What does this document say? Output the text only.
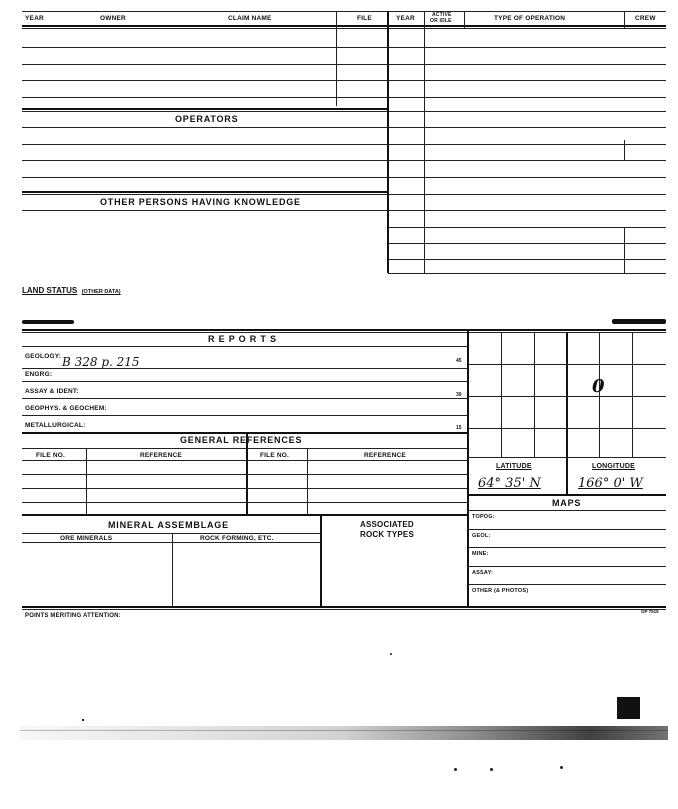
YEAR	OWNER	CLAIM NAME	FILE	YEAR	ACTIVE
OR IDLE	TYPE OF OPERATION	CREW
OPERATORS
OTHER PERSONS HAVING KNOWLEDGE
LAND STATUS (OTHER DATA)
R E P O R T S
GEOLOGY: B 328 p. 215	45
ENGRG:
ASSAY & IDENT:	30
GEOPHYS. & GEOCHEM:
METALLURGICAL:	15
GENERAL REFERENCES
FILE NO.	REFERENCE	FILE NO.	REFERENCE
MINERAL ASSEMBLAGE
ORE MINERALS	ROCK FORMING, ETC.
ASSOCIATED
ROCK TYPES
0
LATITUDE	LONGITUDE
64° 35' N	166° 0' W
MAPS
TOPOG:
GEOL:
MINE:
ASSAY:
OTHER (& PHOTOS)
POINTS MERITING ATTENTION:
GP 7515
